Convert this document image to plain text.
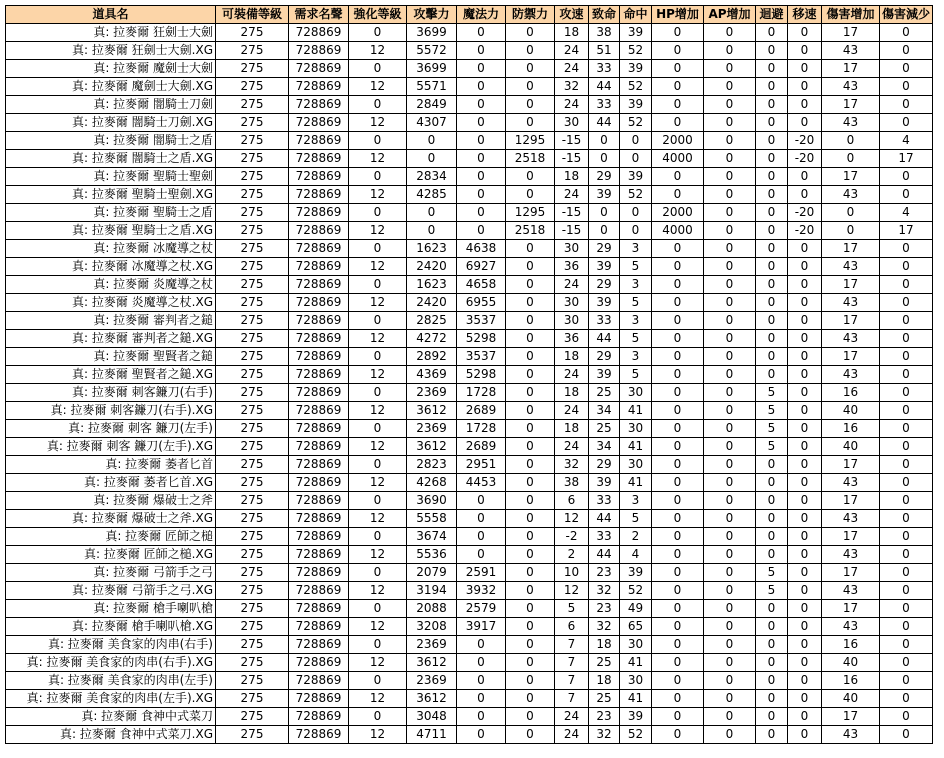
道具名	可裝備等級	需求名聲	強化等級	攻擊力	魔法力	防禦力	攻速	致命	命中	HP增加	AP增加	迴避	移速	傷害增加	傷害減少
真: 拉麥爾 狂劍士大劍	275	728869	0	3699	0	0	18	38	39	0	0	0	0	17	0
真: 拉麥爾 狂劍士大劍.XG	275	728869	12	5572	0	0	24	51	52	0	0	0	0	43	0
真: 拉麥爾 魔劍士大劍	275	728869	0	3699	0	0	24	33	39	0	0	0	0	17	0
真: 拉麥爾 魔劍士大劍.XG	275	728869	12	5571	0	0	32	44	52	0	0	0	0	43	0
真: 拉麥爾 闇騎士刀劍	275	728869	0	2849	0	0	24	33	39	0	0	0	0	17	0
真: 拉麥爾 闇騎士刀劍.XG	275	728869	12	4307	0	0	30	44	52	0	0	0	0	43	0
真: 拉麥爾 闇騎士之盾	275	728869	0	0	0	1295	-15	0	0	2000	0	0	-20	0	4
真: 拉麥爾 闇騎士之盾.XG	275	728869	12	0	0	2518	-15	0	0	4000	0	0	-20	0	17
真: 拉麥爾 聖騎士聖劍	275	728869	0	2834	0	0	18	29	39	0	0	0	0	17	0
真: 拉麥爾 聖騎士聖劍.XG	275	728869	12	4285	0	0	24	39	52	0	0	0	0	43	0
真: 拉麥爾 聖騎士之盾	275	728869	0	0	0	1295	-15	0	0	2000	0	0	-20	0	4
真: 拉麥爾 聖騎士之盾.XG	275	728869	12	0	0	2518	-15	0	0	4000	0	0	-20	0	17
真: 拉麥爾 冰魔導之杖	275	728869	0	1623	4638	0	30	29	3	0	0	0	0	17	0
真: 拉麥爾 冰魔導之杖.XG	275	728869	12	2420	6927	0	36	39	5	0	0	0	0	43	0
真: 拉麥爾 炎魔導之杖	275	728869	0	1623	4658	0	24	29	3	0	0	0	0	17	0
真: 拉麥爾 炎魔導之杖.XG	275	728869	12	2420	6955	0	30	39	5	0	0	0	0	43	0
真: 拉麥爾 審判者之鎚	275	728869	0	2825	3537	0	30	33	3	0	0	0	0	17	0
真: 拉麥爾 審判者之鎚.XG	275	728869	12	4272	5298	0	36	44	5	0	0	0	0	43	0
真: 拉麥爾 聖賢者之鎚	275	728869	0	2892	3537	0	18	29	3	0	0	0	0	17	0
真: 拉麥爾 聖賢者之鎚.XG	275	728869	12	4369	5298	0	24	39	5	0	0	0	0	43	0
真: 拉麥爾 刺客鐮刀(右手)	275	728869	0	2369	1728	0	18	25	30	0	0	5	0	16	0
真: 拉麥爾 刺客鐮刀(右手).XG	275	728869	12	3612	2689	0	24	34	41	0	0	5	0	40	0
真: 拉麥爾 刺客 鐮刀(左手)	275	728869	0	2369	1728	0	18	25	30	0	0	5	0	16	0
真: 拉麥爾 刺客 鐮刀(左手).XG	275	728869	12	3612	2689	0	24	34	41	0	0	5	0	40	0
真: 拉麥爾 萎者匕首	275	728869	0	2823	2951	0	32	29	30	0	0	0	0	17	0
真: 拉麥爾 萎者匕首.XG	275	728869	12	4268	4453	0	38	39	41	0	0	0	0	43	0
真: 拉麥爾 爆破士之斧	275	728869	0	3690	0	0	6	33	3	0	0	0	0	17	0
真: 拉麥爾 爆破士之斧.XG	275	728869	12	5558	0	0	12	44	5	0	0	0	0	43	0
真: 拉麥爾 匠師之槌	275	728869	0	3674	0	0	-2	33	2	0	0	0	0	17	0
真: 拉麥爾 匠師之槌.XG	275	728869	12	5536	0	0	2	44	4	0	0	0	0	43	0
真: 拉麥爾 弓箭手之弓	275	728869	0	2079	2591	0	10	23	39	0	0	5	0	17	0
真: 拉麥爾 弓箭手之弓.XG	275	728869	12	3194	3932	0	12	32	52	0	0	5	0	43	0
真: 拉麥爾 槍手喇叭槍	275	728869	0	2088	2579	0	5	23	49	0	0	0	0	17	0
真: 拉麥爾 槍手喇叭槍.XG	275	728869	12	3208	3917	0	6	32	65	0	0	0	0	43	0
真: 拉麥爾 美食家的肉串(右手)	275	728869	0	2369	0	0	7	18	30	0	0	0	0	16	0
真: 拉麥爾 美食家的肉串(右手).XG	275	728869	12	3612	0	0	7	25	41	0	0	0	0	40	0
真: 拉麥爾 美食家的肉串(左手)	275	728869	0	2369	0	0	7	18	30	0	0	0	0	16	0
真: 拉麥爾 美食家的肉串(左手).XG	275	728869	12	3612	0	0	7	25	41	0	0	0	0	40	0
真: 拉麥爾 食神中式菜刀	275	728869	0	3048	0	0	24	23	39	0	0	0	0	17	0
真: 拉麥爾 食神中式菜刀.XG	275	728869	12	4711	0	0	24	32	52	0	0	0	0	43	0
